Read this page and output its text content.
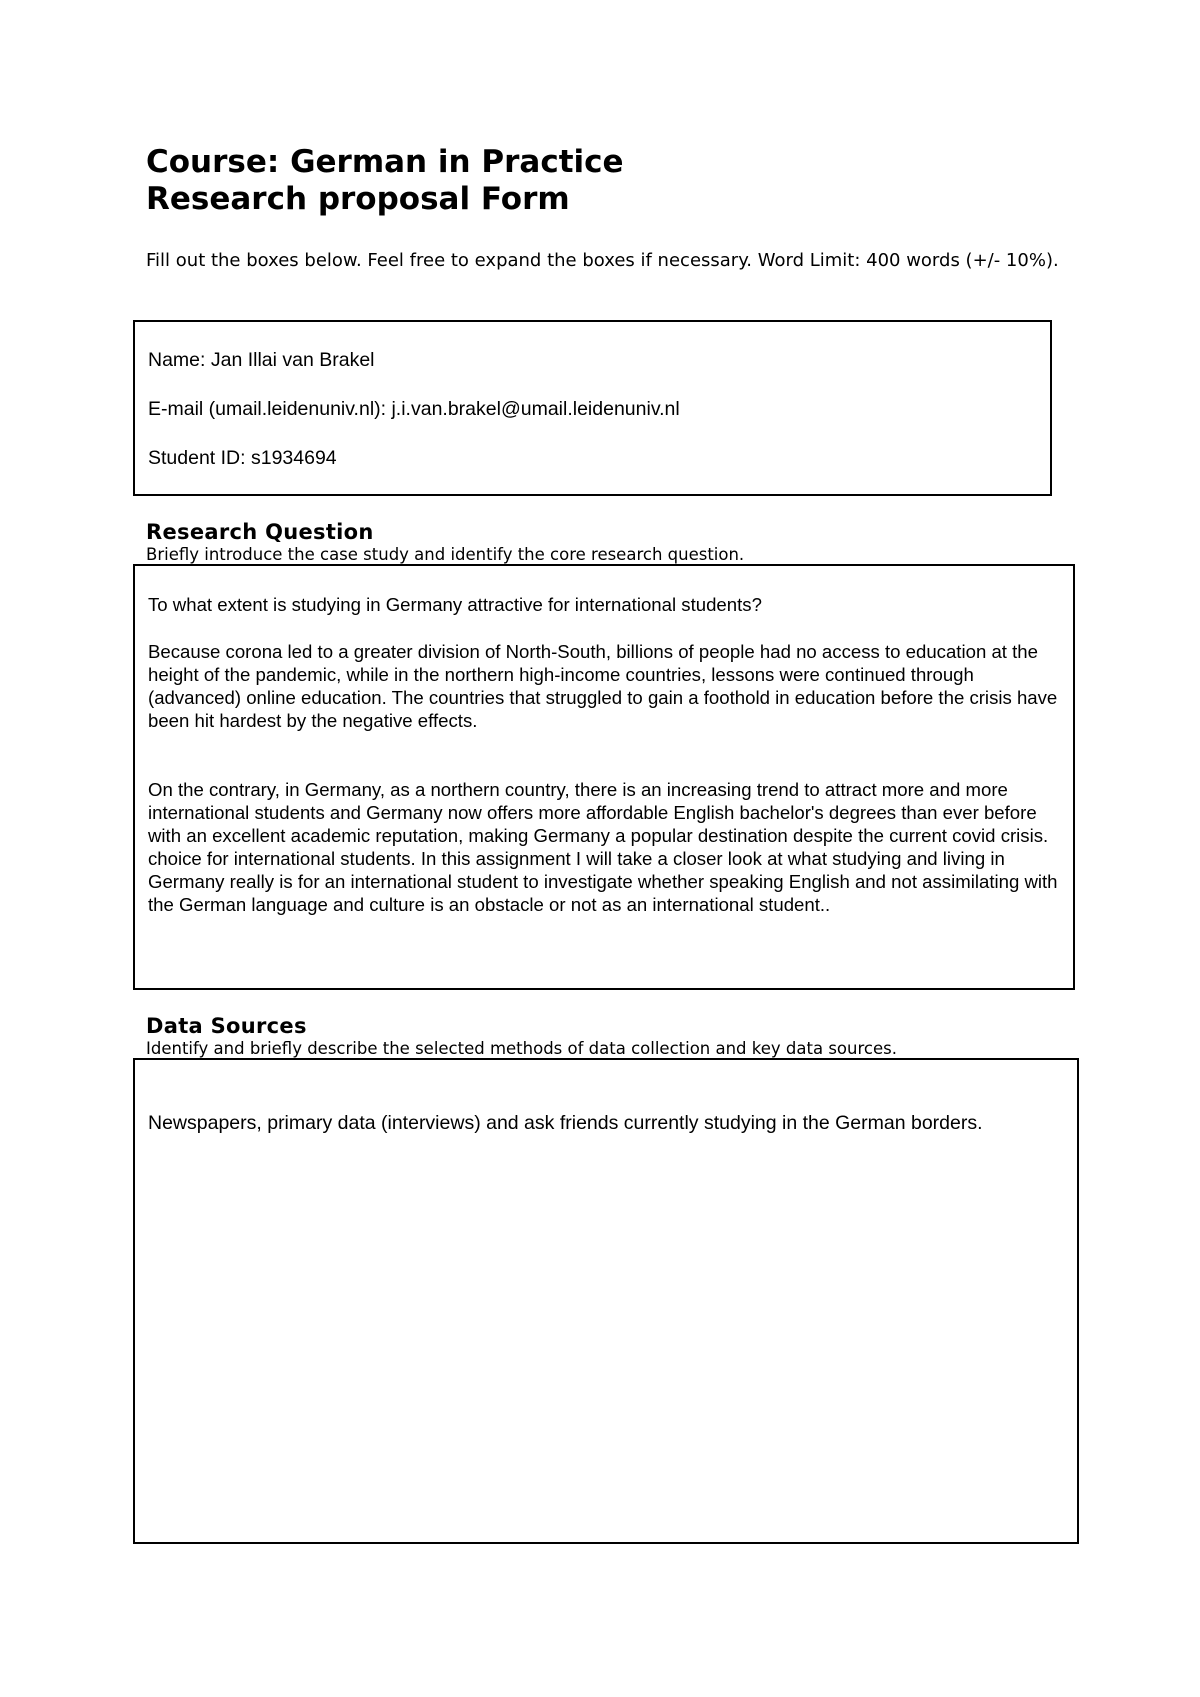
Course: German in Practice
Research proposal Form

Fill out the boxes below. Feel free to expand the boxes if necessary. Word Limit: 400 words (+/- 10%).

Name: Jan Illai van Brakel

E-mail (umail.leidenuniv.nl): j.i.van.brakel@umail.leidenuniv.nl

Student ID: s1934694

Research Question

Briefly introduce the case study and identify the core research question.

To what extent is studying in Germany attractive for international students?

Because corona led to a greater division of North-South, billions of people had no access to education at the height of the pandemic, while in the northern high-income countries, lessons were continued through (advanced) online education. The countries that struggled to gain a foothold in education before the crisis have been hit hardest by the negative effects.

On the contrary, in Germany, as a northern country, there is an increasing trend to attract more and more international students and Germany now offers more affordable English bachelor's degrees than ever before with an excellent academic reputation, making Germany a popular destination despite the current covid crisis. choice for international students. In this assignment I will take a closer look at what studying and living in Germany really is for an international student to investigate whether speaking English and not assimilating with the German language and culture is an obstacle or not as an international student..

Data Sources

Identify and briefly describe the selected methods of data collection and key data sources.

Newspapers, primary data (interviews) and ask friends currently studying in the German borders.
